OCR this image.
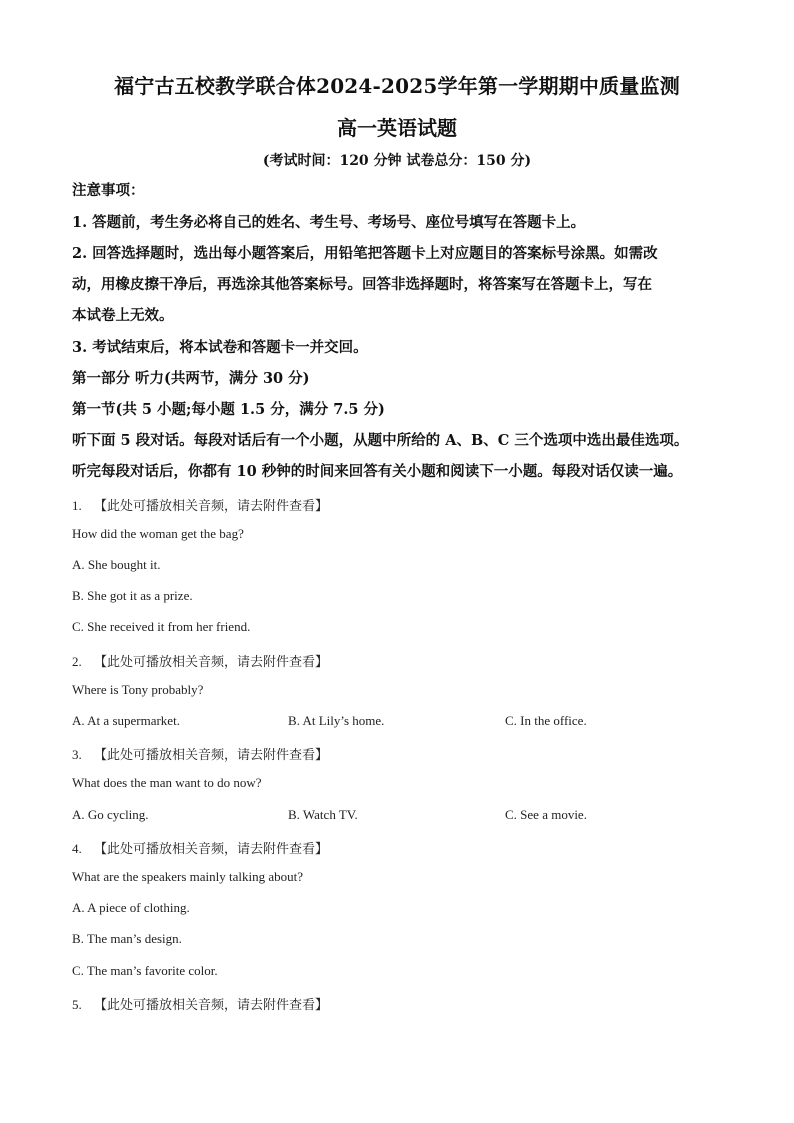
福宁古五校教学联合体2024-2025学年第一学期期中质量监测
高一英语试题
(考试时间：120 分钟 试卷总分：150 分)
注意事项：
1. 答题前，考生务必将自己的姓名、考生号、考场号、座位号填写在答题卡上。
2. 回答选择题时，选出每小题答案后，用铅笔把答题卡上对应题目的答案标号涂黑。如需改
动，用橡皮擦干净后，再选涂其他答案标号。回答非选择题时，将答案写在答题卡上，写在
本试卷上无效。
3. 考试结束后，将本试卷和答题卡一并交回。
第一部分 听力(共两节，满分 30 分)
第一节(共 5 小题;每小题 1.5 分，满分 7.5 分)
听下面 5 段对话。每段对话后有一个小题，从题中所给的 A、B、C 三个选项中选出最佳选项。
听完每段对话后，你都有 10 秒钟的时间来回答有关小题和阅读下一小题。每段对话仅读一遍。
1. 【此处可播放相关音频，请去附件查看】
How did the woman get the bag?
A. She bought it.
B. She got it as a prize.
C. She received it from her friend.
2. 【此处可播放相关音频，请去附件查看】
Where is Tony probably?
A. At a supermarket.	B. At Lily’s home.	C. In the office.
3. 【此处可播放相关音频，请去附件查看】
What does the man want to do now?
A. Go cycling.	B. Watch TV.	C. See a movie.
4. 【此处可播放相关音频，请去附件查看】
What are the speakers mainly talking about?
A. A piece of clothing.
B. The man’s design.
C. The man’s favorite color.
5. 【此处可播放相关音频，请去附件查看】
